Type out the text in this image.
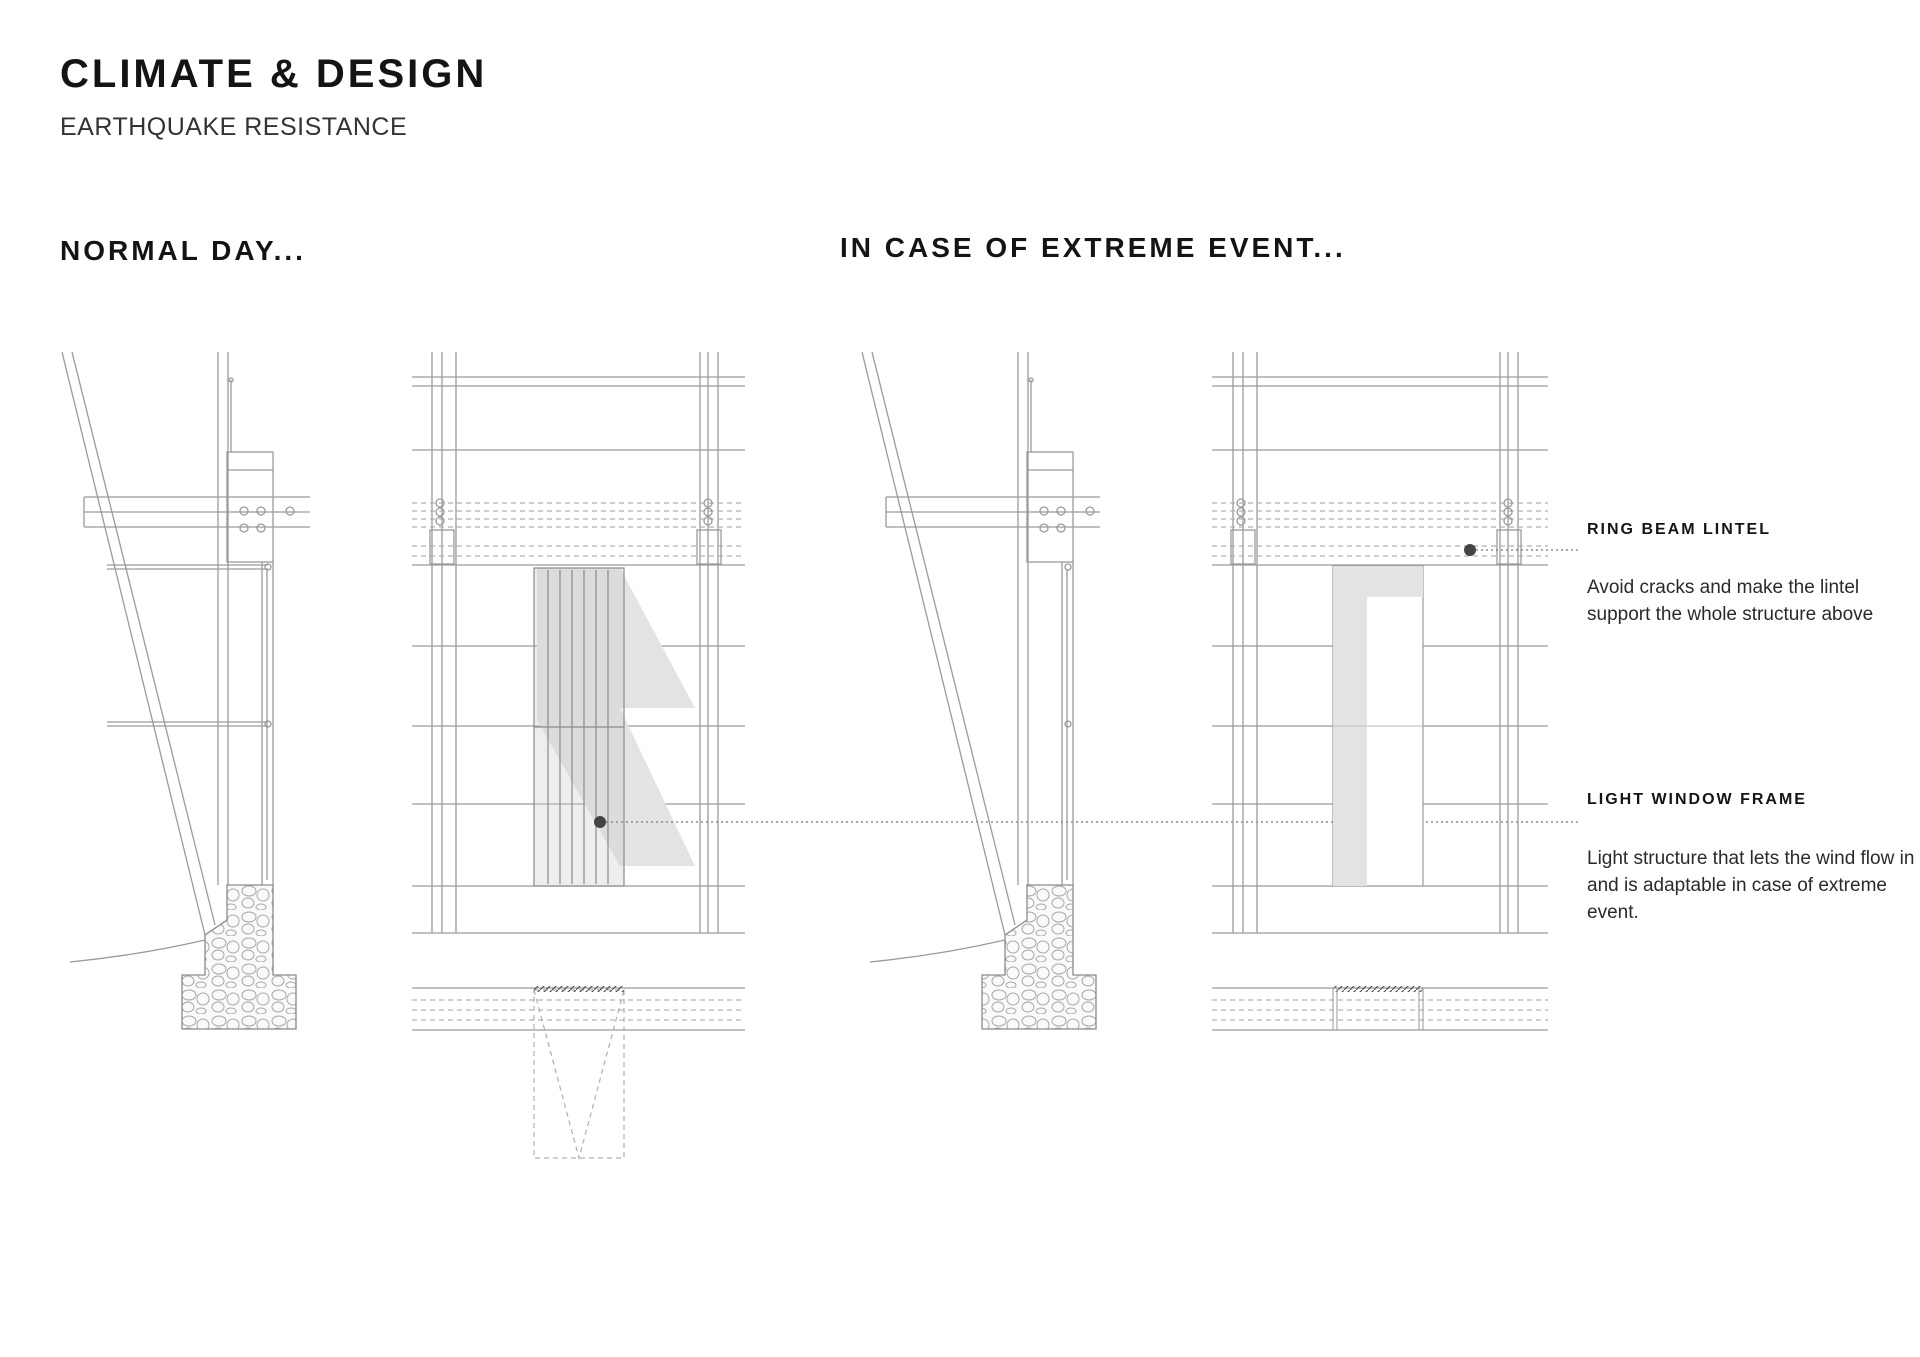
CLIMATE & DESIGN
EARTHQUAKE RESISTANCE
NORMAL DAY...	IN CASE OF EXTREME EVENT...
RING BEAM LINTEL
Avoid cracks and make the lintel support the whole structure above
LIGHT WINDOW FRAME
Light structure that lets the wind flow in and is adaptable in case of extreme event.
